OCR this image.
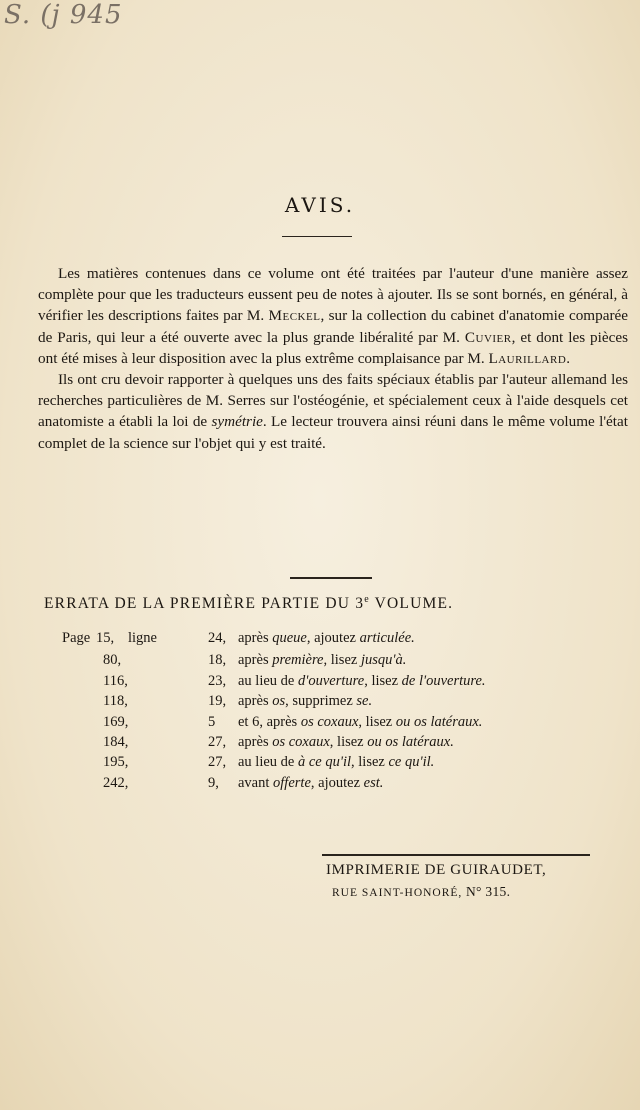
S. (j 945
AVIS.

Les matières contenues dans ce volume ont été traitées par l'auteur d'une manière assez complète pour que les traducteurs eussent peu de notes à ajouter. Ils se sont bornés, en général, à vérifier les descriptions faites par M. Meckel, sur la collection du cabinet d'anatomie comparée de Paris, qui leur a été ouverte avec la plus grande libéralité par M. Cuvier, et dont les pièces ont été mises à leur disposition avec la plus extrême complaisance par M. Laurillard.

Ils ont cru devoir rapporter à quelques uns des faits spéciaux établis par l'auteur allemand les recherches particulières de M. Serres sur l'ostéogénie, et spécialement ceux à l'aide desquels cet anatomiste a établi la loi de symétrie. Le lecteur trouvera ainsi réuni dans le même volume l'état complet de la science sur l'objet qui y est traité.

ERRATA DE LA PREMIÈRE PARTIE DU 3e VOLUME.
Page 15, ligne	24, après queue, ajoutez articulée.
80,	18, après première, lisez jusqu'à.
116,	23, au lieu de d'ouverture, lisez de l'ouverture.
118,	19, après os, supprimez se.
169,	5 et 6, après os coxaux, lisez ou os latéraux.
184,	27, après os coxaux, lisez ou os latéraux.
195,	27, au lieu de à ce qu'il, lisez ce qu'il.
242,	9, avant offerte, ajoutez est.
IMPRIMERIE DE GUIRAUDET,
RUE SAINT-HONORÉ, N° 315.
